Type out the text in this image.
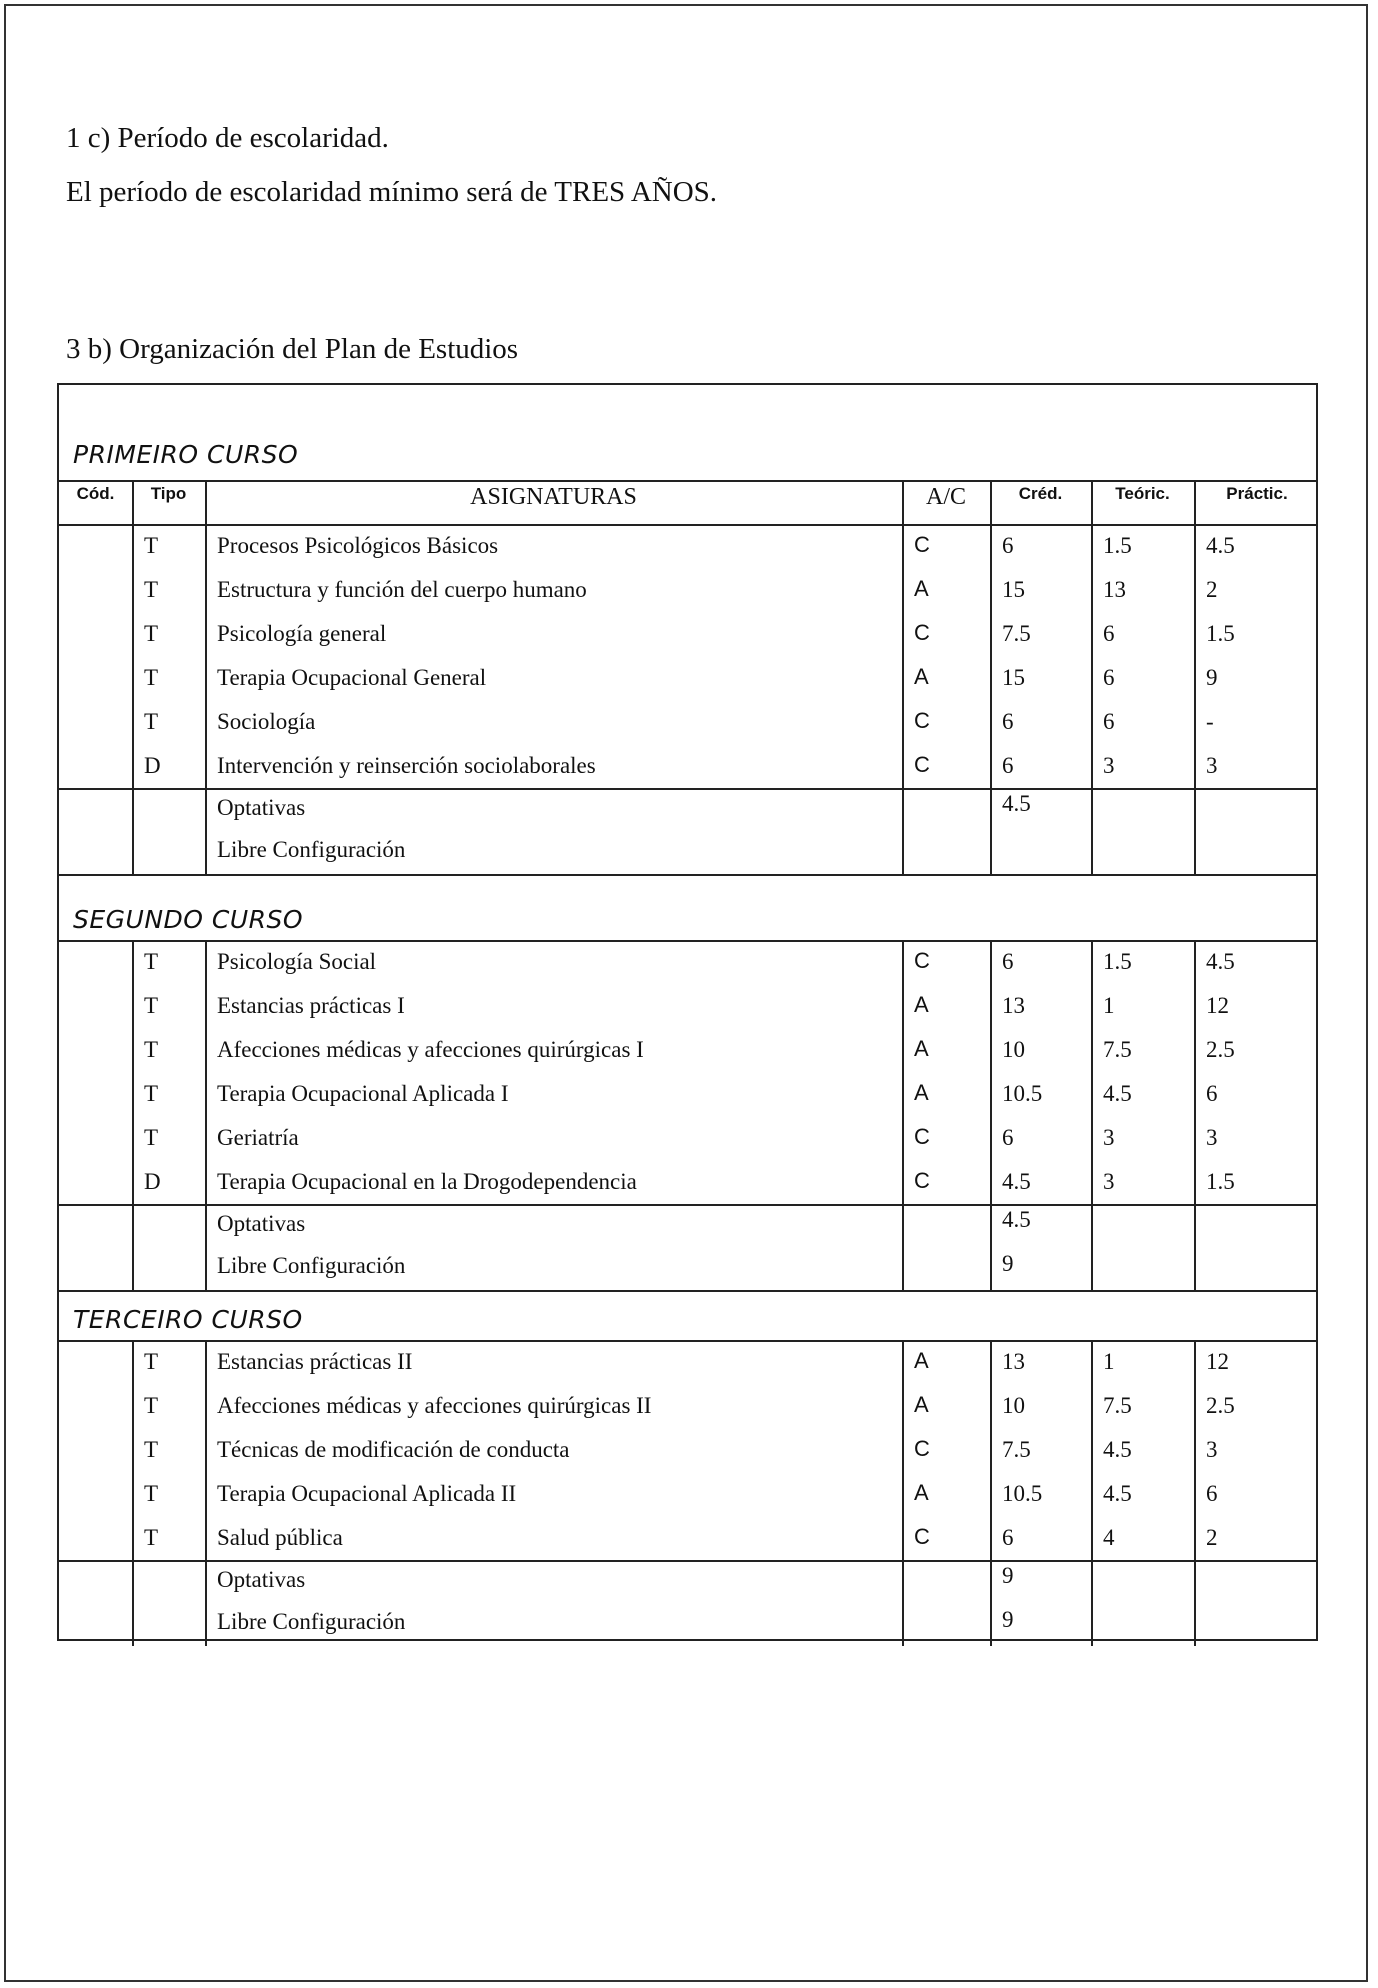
1 c) Período de escolaridad.
El período de escolaridad mínimo será de TRES AÑOS.
3 b) Organización del Plan de Estudios
PRIMEIRO CURSO
Cód.	Tipo	ASIGNATURAS	A/C	Créd.	Teóric.	Práctic.
T	Procesos Psicológicos Básicos	C	6	1.5	4.5
T	Estructura y función del cuerpo humano	A	15	13	2
T	Psicología general	C	7.5	6	1.5
T	Terapia Ocupacional General	A	15	6	9
T	Sociología	C	6	6	-
D Intervención y reinserción sociolaborales	C	6	3	3
Optativas	4.5
Libre Configuración
SEGUNDO CURSO
T	Psicología Social	C	6	1.5	4.5
T	Estancias prácticas I	A	13	1	12
T	Afecciones médicas y afecciones quirúrgicas I	A	10	7.5	2.5
T	Terapia Ocupacional Aplicada I	A	10.5	4.5	6
T	Geriatría	C	6	3	3
D Terapia Ocupacional en la Drogodependencia	C	4.5	3	1.5
Optativas	4.5
Libre Configuración	9
TERCEIRO CURSO
T	Estancias prácticas II	A	13	1	12
T	Afecciones médicas y afecciones quirúrgicas II	A	10	7.5	2.5
T	Técnicas de modificación de conducta	C	7.5	4.5	3
T	Terapia Ocupacional Aplicada II	A	10.5	4.5	6
T	Salud pública	C	6	4	2
Optativas	9
Libre Configuración	9
